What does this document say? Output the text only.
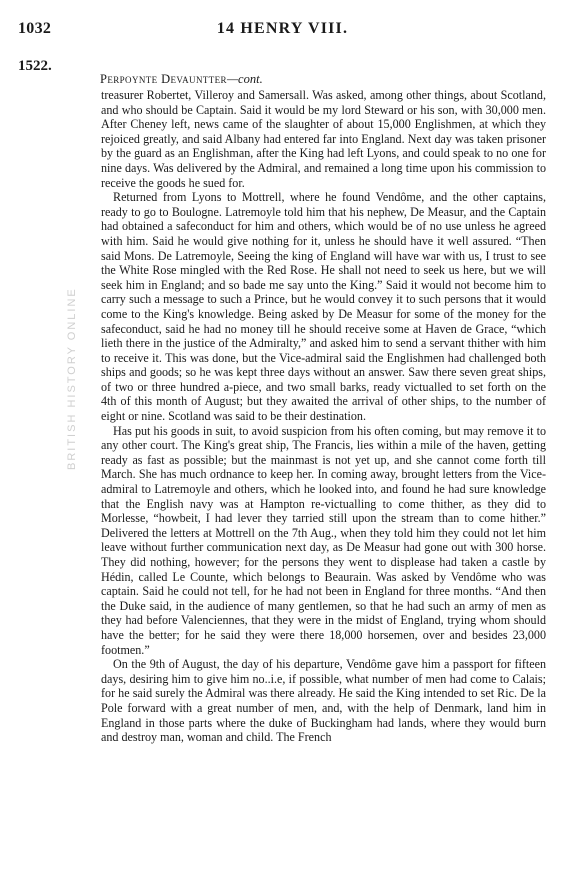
1032	14 HENRY VIII.
1522.
Perpoynte Devauntter—cont.

treasurer Robertet, Villeroy and Samersall. Was asked, among other things, about Scotland, and who should be Captain. Said it would be my lord Steward or his son, with 30,000 men. After Cheney left, news came of the slaughter of about 15,000 Englishmen, at which they rejoiced greatly, and said Albany had entered far into England. Next day was taken prisoner by the guard as an Englishman, after the King had left Lyons, and could speak to no one for nine days. Was delivered by the Admiral, and remained a long time upon his commission to receive the goods he sued for.

Returned from Lyons to Mottrell, where he found Vendôme, and the other captains, ready to go to Boulogne. Latremoyle told him that his nephew, De Measur, and the Captain had obtained a safeconduct for him and others, which would be of no use unless he agreed with him. Said he would give nothing for it, unless he should have it well assured. “Then said Mons. De Latremoyle, Seeing the king of England will have war with us, I trust to see the White Rose mingled with the Red Rose. He shall not need to seek us here, but we will seek him in England; and so bade me say unto the King.” Said it would not become him to carry such a message to such a Prince, but he would convey it to such persons that it would come to the King's knowledge. Being asked by De Measur for some of the money for the safeconduct, said he had no money till he should receive some at Haven de Grace, “which lieth there in the justice of the Admiralty,” and asked him to send a servant thither with him to receive it. This was done, but the Vice-admiral said the Englishmen had challenged both ships and goods; so he was kept three days without an answer. Saw there seven great ships, of two or three hundred a-piece, and two small barks, ready victualled to set forth on the 4th of this month of August; but they awaited the arrival of other ships, to the number of eight or nine. Scotland was said to be their destination.

Has put his goods in suit, to avoid suspicion from his often coming, but may remove it to any other court. The King's great ship, The Francis, lies within a mile of the haven, getting ready as fast as possible; but the mainmast is not yet up, and she cannot come forth till March. She has much ordnance to keep her. In coming away, brought letters from the Vice-admiral to Latremoyle and others, which he looked into, and found he had sure knowledge that the English navy was at Hampton re-victualling to come thither, as they did to Morlesse, “howbeit, I had lever they tarried still upon the stream than to come hither.” Delivered the letters at Mottrell on the 7th Aug., when they told him they could not let him leave without further communication next day, as De Measur had gone out with 300 horse. They did nothing, however; for the persons they went to displease had taken a castle by Hédin, called Le Counte, which belongs to Beaurain. Was asked by Vendôme who was captain. Said he could not tell, for he had not been in England for three months. “And then the Duke said, in the audience of many gentlemen, so that he had such an army of men as they had before Valenciennes, that they were in the midst of England, trying whom should have the better; for he said they were there 18,000 horsemen, over and besides 23,000 footmen.”

On the 9th of August, the day of his departure, Vendôme gave him a passport for fifteen days, desiring him to give him no..i.e, if possible, what number of men had come to Calais; for he said surely the Admiral was there already. He said the King intended to set Ric. De la Pole forward with a great number of men, and, with the help of Denmark, land him in England in those parts where the duke of Buckingham had lands, where they would burn and destroy man, woman and child. The French

BRITISH HISTORY ONLINE
